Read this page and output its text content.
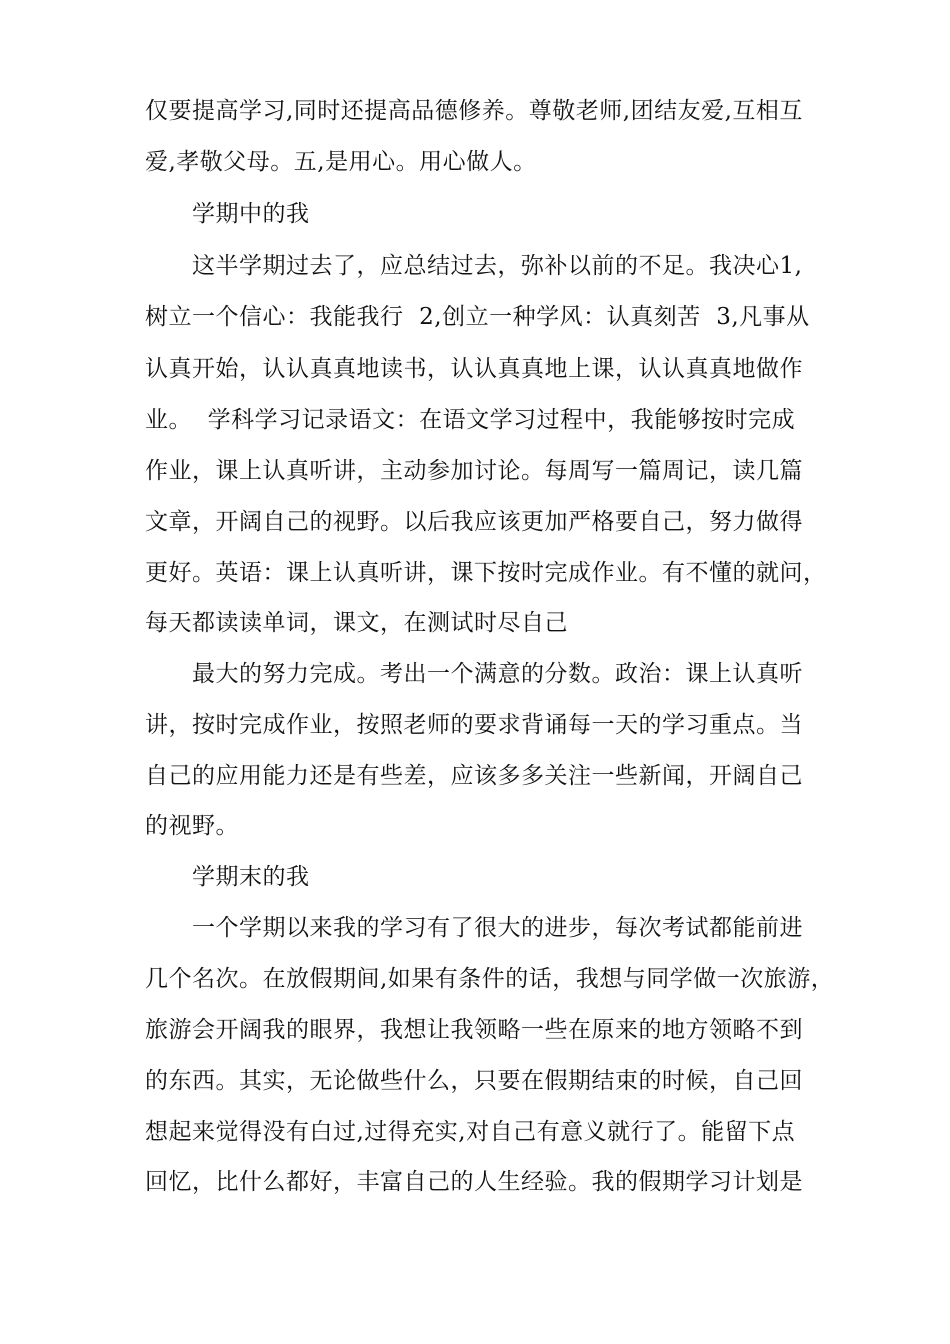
仅要提高学习,同时还提高品德修养。尊敬老师,团结友爱,互相互
爱,孝敬父母。五,是用心。用心做人。
学期中的我
这半学期过去了，应总结过去，弥补以前的不足。我决心1,
树立一个信心：我能我行  2,创立一种学风：认真刻苦  3,凡事从
认真开始，认认真真地读书，认认真真地上课，认认真真地做作
业。  学科学习记录语文：在语文学习过程中，我能够按时完成
作业，课上认真听讲，主动参加讨论。每周写一篇周记，读几篇
文章，开阔自己的视野。以后我应该更加严格要自己，努力做得
更好。英语：课上认真听讲，课下按时完成作业。有不懂的就问，
每天都读读单词，课文，在测试时尽自己
最大的努力完成。考出一个满意的分数。政治：课上认真听
讲，按时完成作业，按照老师的要求背诵每一天的学习重点。当
自己的应用能力还是有些差，应该多多关注一些新闻，开阔自己
的视野。
学期末的我
一个学期以来我的学习有了很大的进步，每次考试都能前进
几个名次。在放假期间,如果有条件的话，我想与同学做一次旅游，
旅游会开阔我的眼界，我想让我领略一些在原来的地方领略不到
的东西。其实，无论做些什么，只要在假期结束的时候，自己回
想起来觉得没有白过,过得充实,对自己有意义就行了。能留下点
回忆，比什么都好，丰富自己的人生经验。我的假期学习计划是
